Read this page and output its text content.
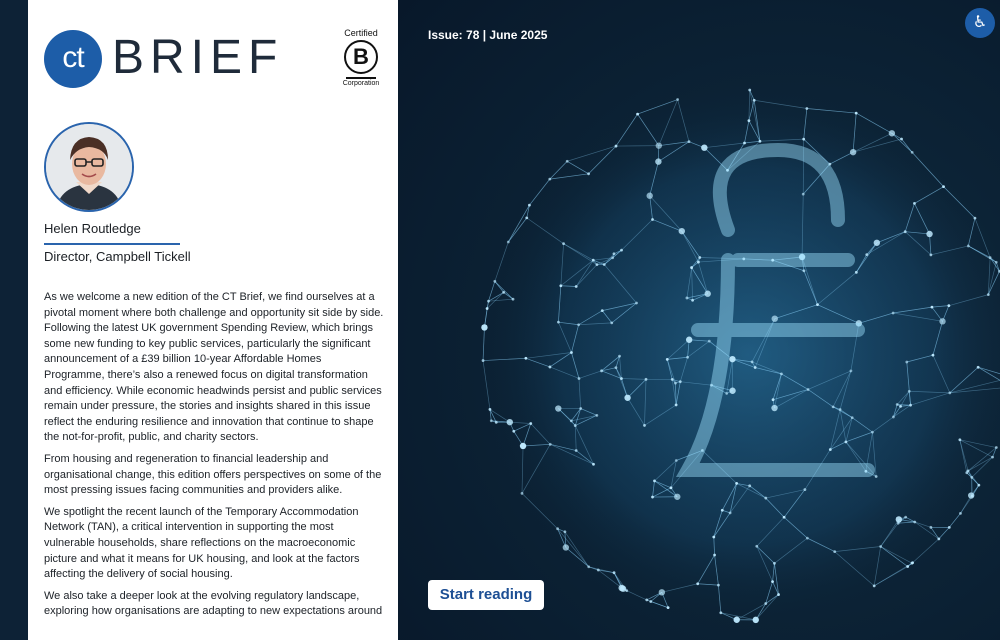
ct BRIEF	Certified
B
Corporation
Helen Routledge
Director, Campbell Tickell

As we welcome a new edition of the CT Brief, we find ourselves at a pivotal moment where both challenge and opportunity sit side by side. Following the latest UK government Spending Review, which brings some new funding to key public services, particularly the significant announcement of a £39 billion 10-year Affordable Homes Programme, there’s also a renewed focus on digital transformation and efficiency. While economic headwinds persist and public services remain under pressure, the stories and insights shared in this issue reflect the enduring resilience and innovation that continue to shape the not-for-profit, public, and charity sectors.

From housing and regeneration to financial leadership and organisational change, this edition offers perspectives on some of the most pressing issues facing communities and providers alike.

We spotlight the recent launch of the Temporary Accommodation Network (TAN), a critical intervention in supporting the most vulnerable households, share reflections on the macroeconomic picture and what it means for UK housing, and look at the factors affecting the delivery of social housing.

We also take a deeper look at the evolving regulatory landscape, exploring how organisations are adapting to new expectations around

Issue: 78 | June 2025
♿
Start reading
